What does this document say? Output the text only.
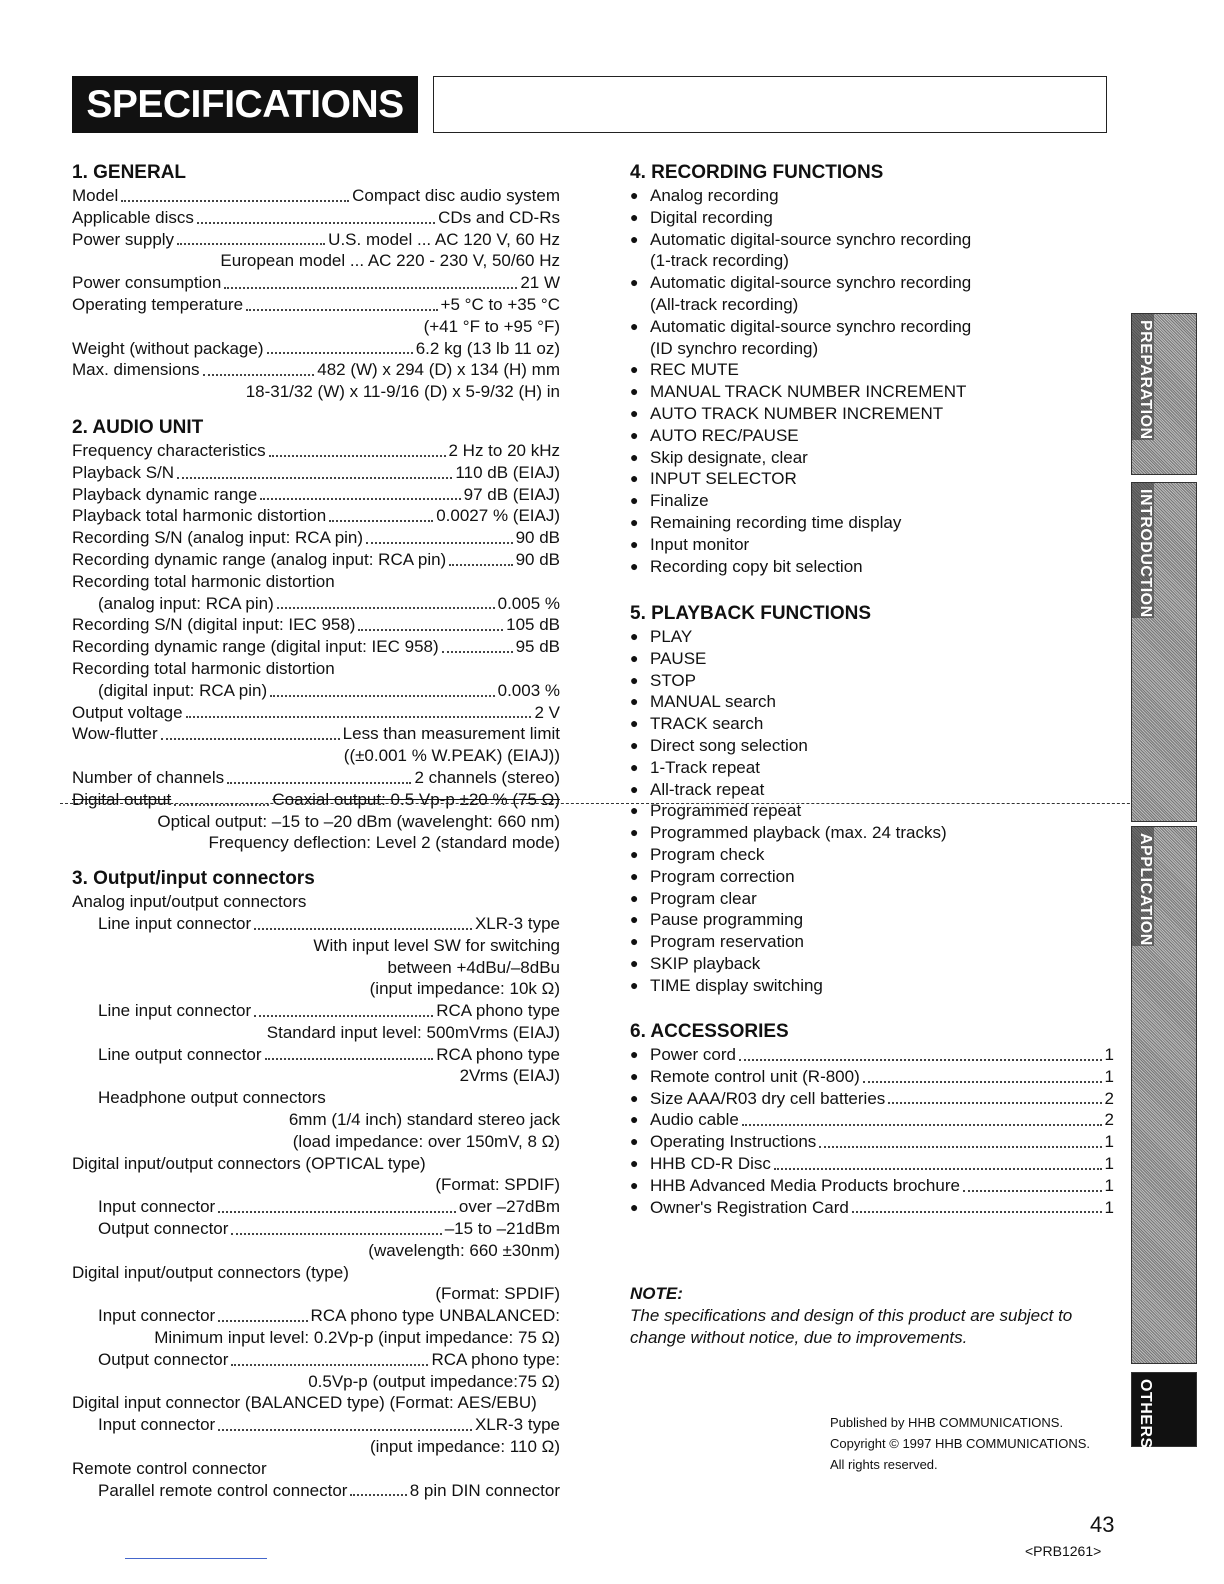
SPECIFICATIONS
1. GENERAL
Model	Compact disc audio system
Applicable discs	CDs and CD-Rs
Power supply	U.S. model ... AC 120 V, 60 Hz
European model ... AC 220 - 230 V, 50/60 Hz
Power consumption	21 W
Operating temperature	+5 °C to +35 °C
(+41 °F to +95 °F)
Weight (without package)	6.2 kg (13 lb 11 oz)
Max. dimensions	482 (W) x 294 (D) x 134 (H) mm
18-31/32 (W) x 11-9/16 (D) x 5-9/32 (H) in
2. AUDIO UNIT
Frequency characteristics	2 Hz to 20 kHz
Playback S/N	110 dB (EIAJ)
Playback dynamic range	97 dB (EIAJ)
Playback total harmonic distortion	0.0027 % (EIAJ)
Recording S/N (analog input: RCA pin)	90 dB
Recording dynamic range (analog input: RCA pin)	90 dB
Recording total harmonic distortion
(analog input: RCA pin)	0.005 %
Recording S/N (digital input: IEC 958)	105 dB
Recording dynamic range (digital input: IEC 958)	95 dB
Recording total harmonic distortion
(digital input: RCA pin)	0.003 %
Output voltage	2 V
Wow-flutter	Less than measurement limit
((±0.001 % W.PEAK) (EIAJ))
Number of channels	2 channels (stereo)
Digital output	Coaxial output: 0.5 Vp-p ±20 % (75 Ω)
Optical output: –15 to –20 dBm (wavelenght: 660 nm)
Frequency deflection: Level 2 (standard mode)
3. Output/input connectors
Analog input/output connectors
Line input connector	XLR-3 type
With input level SW for switching
between +4dBu/–8dBu
(input impedance: 10k Ω)
Line input connector	RCA phono type
Standard input level: 500mVrms (EIAJ)
Line output connector	RCA phono type
2Vrms (EIAJ)
Headphone output connectors
6mm (1/4 inch) standard stereo jack
(load impedance: over 150mV, 8 Ω)
Digital input/output connectors (OPTICAL type)
(Format: SPDIF)
Input connector	over –27dBm
Output connector	–15 to –21dBm
(wavelength: 660 ±30nm)
Digital input/output connectors (type)
(Format: SPDIF)
Input connector	RCA phono type UNBALANCED:
Minimum input level: 0.2Vp-p (input impedance: 75 Ω)
Output connector	RCA phono type:
0.5Vp-p (output impedance:75 Ω)
Digital input connector (BALANCED type) (Format: AES/EBU)
Input connector	XLR-3 type
(input impedance: 110 Ω)
Remote control connector
Parallel remote control connector	8 pin DIN connector
4. RECORDING FUNCTIONS
● Analog recording
● Digital recording
● Automatic digital-source synchro recording
(1-track recording)
● Automatic digital-source synchro recording
(All-track recording)
● Automatic digital-source synchro recording
(ID synchro recording)
● REC MUTE
● MANUAL TRACK NUMBER INCREMENT
● AUTO TRACK NUMBER INCREMENT
● AUTO REC/PAUSE
● Skip designate, clear
● INPUT SELECTOR
● Finalize
● Remaining recording time display
● Input monitor
● Recording copy bit selection
5. PLAYBACK FUNCTIONS
● PLAY
● PAUSE
● STOP
● MANUAL search
● TRACK search
● Direct song selection
● 1-Track repeat
● All-track repeat
● Programmed repeat
● Programmed playback (max. 24 tracks)
● Program check
● Program correction
● Program clear
● Pause programming
● Program reservation
● SKIP playback
● TIME display switching
6. ACCESSORIES
● Power cord	1
● Remote control unit (R-800)	1
● Size AAA/R03 dry cell batteries	2
● Audio cable	2
● Operating Instructions	1
● HHB CD-R Disc	1
● HHB Advanced Media Products brochure	1
● Owner's Registration Card	1
NOTE:
The specifications and design of this product are subject to
change without notice, due to improvements.
Published by HHB COMMUNICATIONS.
Copyright © 1997 HHB COMMUNICATIONS.
All rights reserved.
43
<PRB1261>
PREPARATION
INTRODUCTION
APPLICATION
OTHERS
